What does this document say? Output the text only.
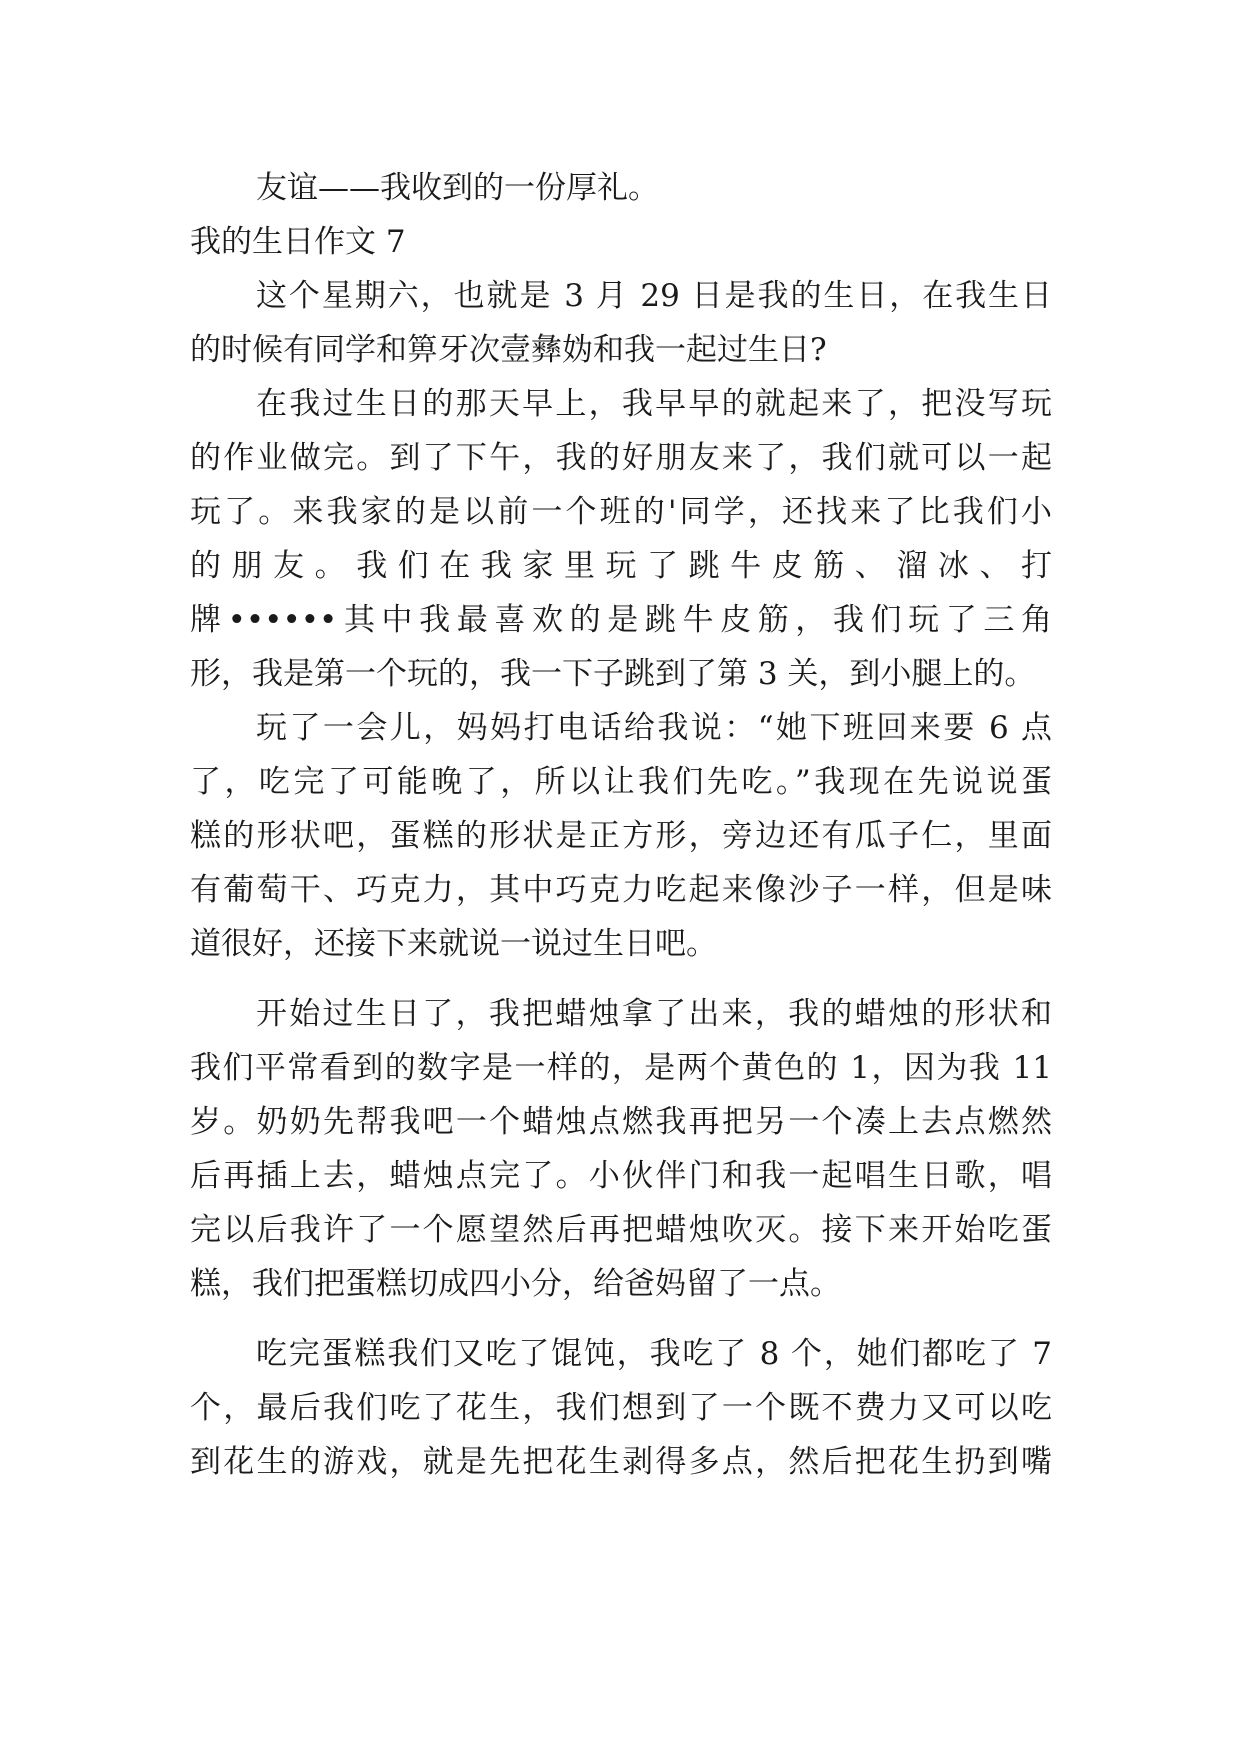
友谊——我收到的一份厚礼。
我的生日作文 7
这个星期六，也就是 3 月 29 日是我的生日，在我生日
的时候有同学和箅牙次壹彝妫和我一起过生日?
在我过生日的那天早上，我早早的就起来了，把没写玩
的作业做完。到了下午，我的好朋友来了，我们就可以一起
玩了。来我家的是以前一个班的'同学，还找来了比我们小
的朋友。我们在我家里玩了跳牛皮筋、溜冰、打
牌••••••其中我最喜欢的是跳牛皮筋，我们玩了三角
形，我是第一个玩的，我一下子跳到了第 3 关，到小腿上的。
玩了一会儿，妈妈打电话给我说：“她下班回来要 6 点
了，吃完了可能晚了，所以让我们先吃。”我现在先说说蛋
糕的形状吧，蛋糕的形状是正方形，旁边还有瓜子仁，里面
有葡萄干、巧克力，其中巧克力吃起来像沙子一样，但是味
道很好，还接下来就说一说过生日吧。
开始过生日了，我把蜡烛拿了出来，我的蜡烛的形状和
我们平常看到的数字是一样的，是两个黄色的 1，因为我 11
岁。奶奶先帮我吧一个蜡烛点燃我再把另一个凑上去点燃然
后再插上去，蜡烛点完了。小伙伴门和我一起唱生日歌，唱
完以后我许了一个愿望然后再把蜡烛吹灭。接下来开始吃蛋
糕，我们把蛋糕切成四小分，给爸妈留了一点。
吃完蛋糕我们又吃了馄饨，我吃了 8 个，她们都吃了 7
个，最后我们吃了花生，我们想到了一个既不费力又可以吃
到花生的游戏，就是先把花生剥得多点，然后把花生扔到嘴
